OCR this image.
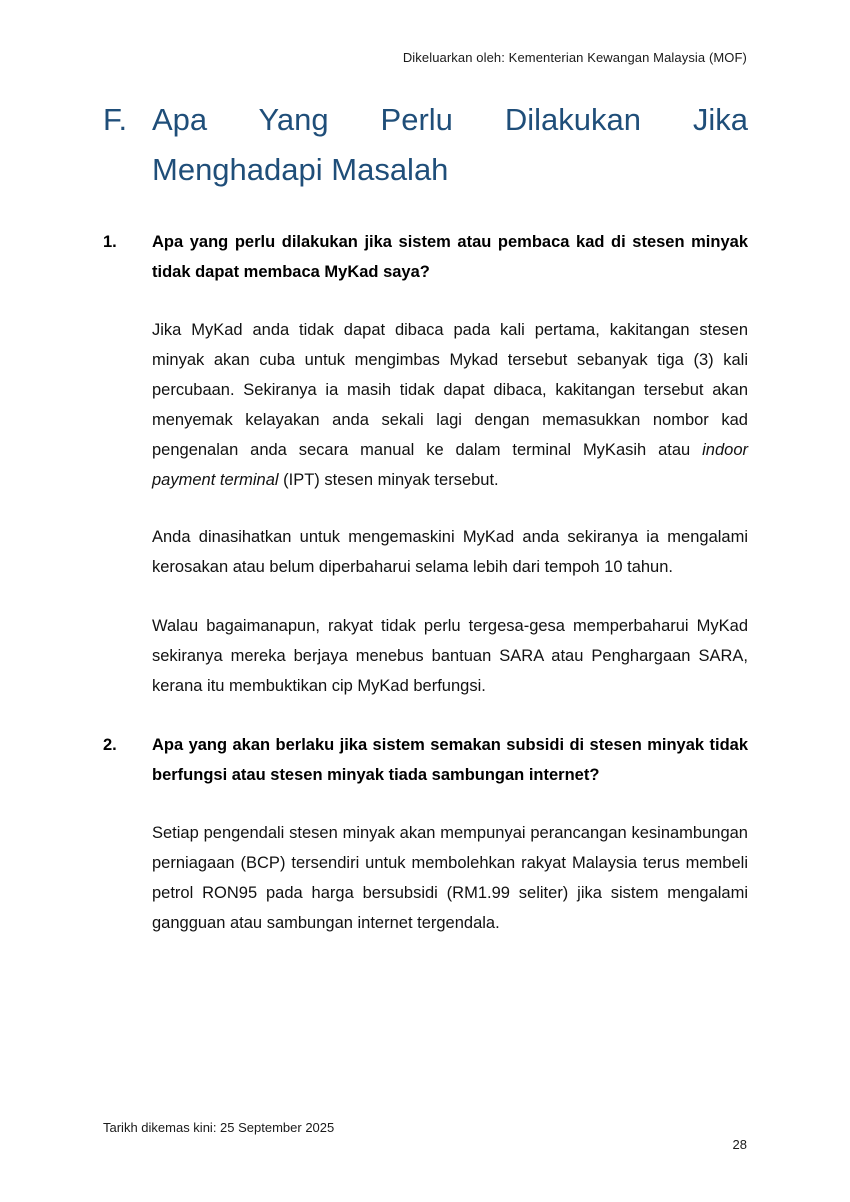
Dikeluarkan oleh: Kementerian Kewangan Malaysia (MOF)
F. Apa Yang Perlu Dilakukan Jika Menghadapi Masalah
1. Apa yang perlu dilakukan jika sistem atau pembaca kad di stesen minyak tidak dapat membaca MyKad saya?

Jika MyKad anda tidak dapat dibaca pada kali pertama, kakitangan stesen minyak akan cuba untuk mengimbas Mykad tersebut sebanyak tiga (3) kali percubaan. Sekiranya ia masih tidak dapat dibaca, kakitangan tersebut akan menyemak kelayakan anda sekali lagi dengan memasukkan nombor kad pengenalan anda secara manual ke dalam terminal MyKasih atau indoor payment terminal (IPT) stesen minyak tersebut.

Anda dinasihatkan untuk mengemaskini MyKad anda sekiranya ia mengalami kerosakan atau belum diperbaharui selama lebih dari tempoh 10 tahun.

Walau bagaimanapun, rakyat tidak perlu tergesa-gesa memperbaharui MyKad sekiranya mereka berjaya menebus bantuan SARA atau Penghargaan SARA, kerana itu membuktikan cip MyKad berfungsi.

2. Apa yang akan berlaku jika sistem semakan subsidi di stesen minyak tidak berfungsi atau stesen minyak tiada sambungan internet?

Setiap pengendali stesen minyak akan mempunyai perancangan kesinambungan perniagaan (BCP) tersendiri untuk membolehkan rakyat Malaysia terus membeli petrol RON95 pada harga bersubsidi (RM1.99 seliter) jika sistem mengalami gangguan atau sambungan internet tergendala.

Tarikh dikemas kini: 25 September 2025
28
